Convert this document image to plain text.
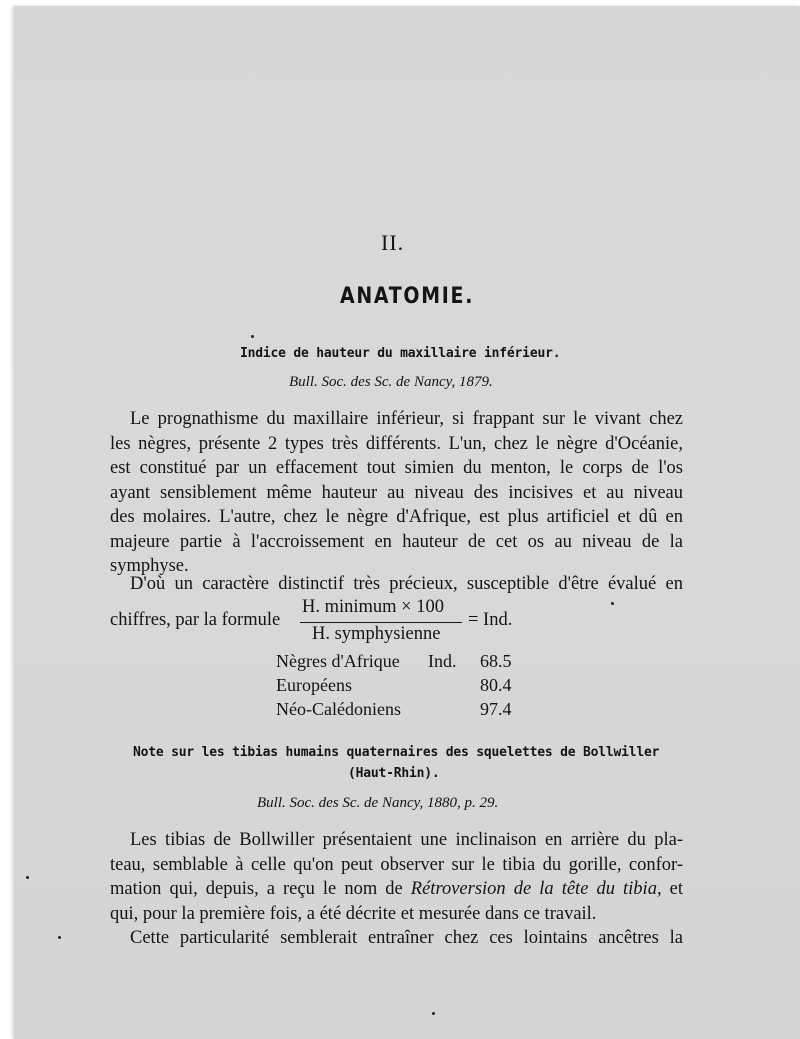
II.
ANATOMIE.
Indice de hauteur du maxillaire inférieur.
Bull. Soc. des Sc. de Nancy, 1879.
Le prognathisme du maxillaire inférieur, si frappant sur le vivant chez
les nègres, présente 2 types très différents. L'un, chez le nègre d'Océanie,
est constitué par un effacement tout simien du menton, le corps de l'os
ayant sensiblement même hauteur au niveau des incisives et au niveau
des molaires. L'autre, chez le nègre d'Afrique, est plus artificiel et dû en
majeure partie à l'accroissement en hauteur de cet os au niveau de la
symphyse.
D'où un caractère distinctif très précieux, susceptible d'être évalué en
chiffres, par la formule
H. minimum × 100
H. symphysienne
= Ind.
Nègres d'Afrique	Ind.	68.5
Européens		80.4
Néo-Calédoniens		97.4
Note sur les tibias humains quaternaires des squelettes de Bollwiller
(Haut-Rhin).
Bull. Soc. des Sc. de Nancy, 1880, p. 29.
Les tibias de Bollwiller présentaient une inclinaison en arrière du pla-
teau, semblable à celle qu'on peut observer sur le tibia du gorille, confor-
mation qui, depuis, a reçu le nom de Rétroversion de la tête du tibia, et
qui, pour la première fois, a été décrite et mesurée dans ce travail.
Cette particularité semblerait entraîner chez ces lointains ancêtres la
